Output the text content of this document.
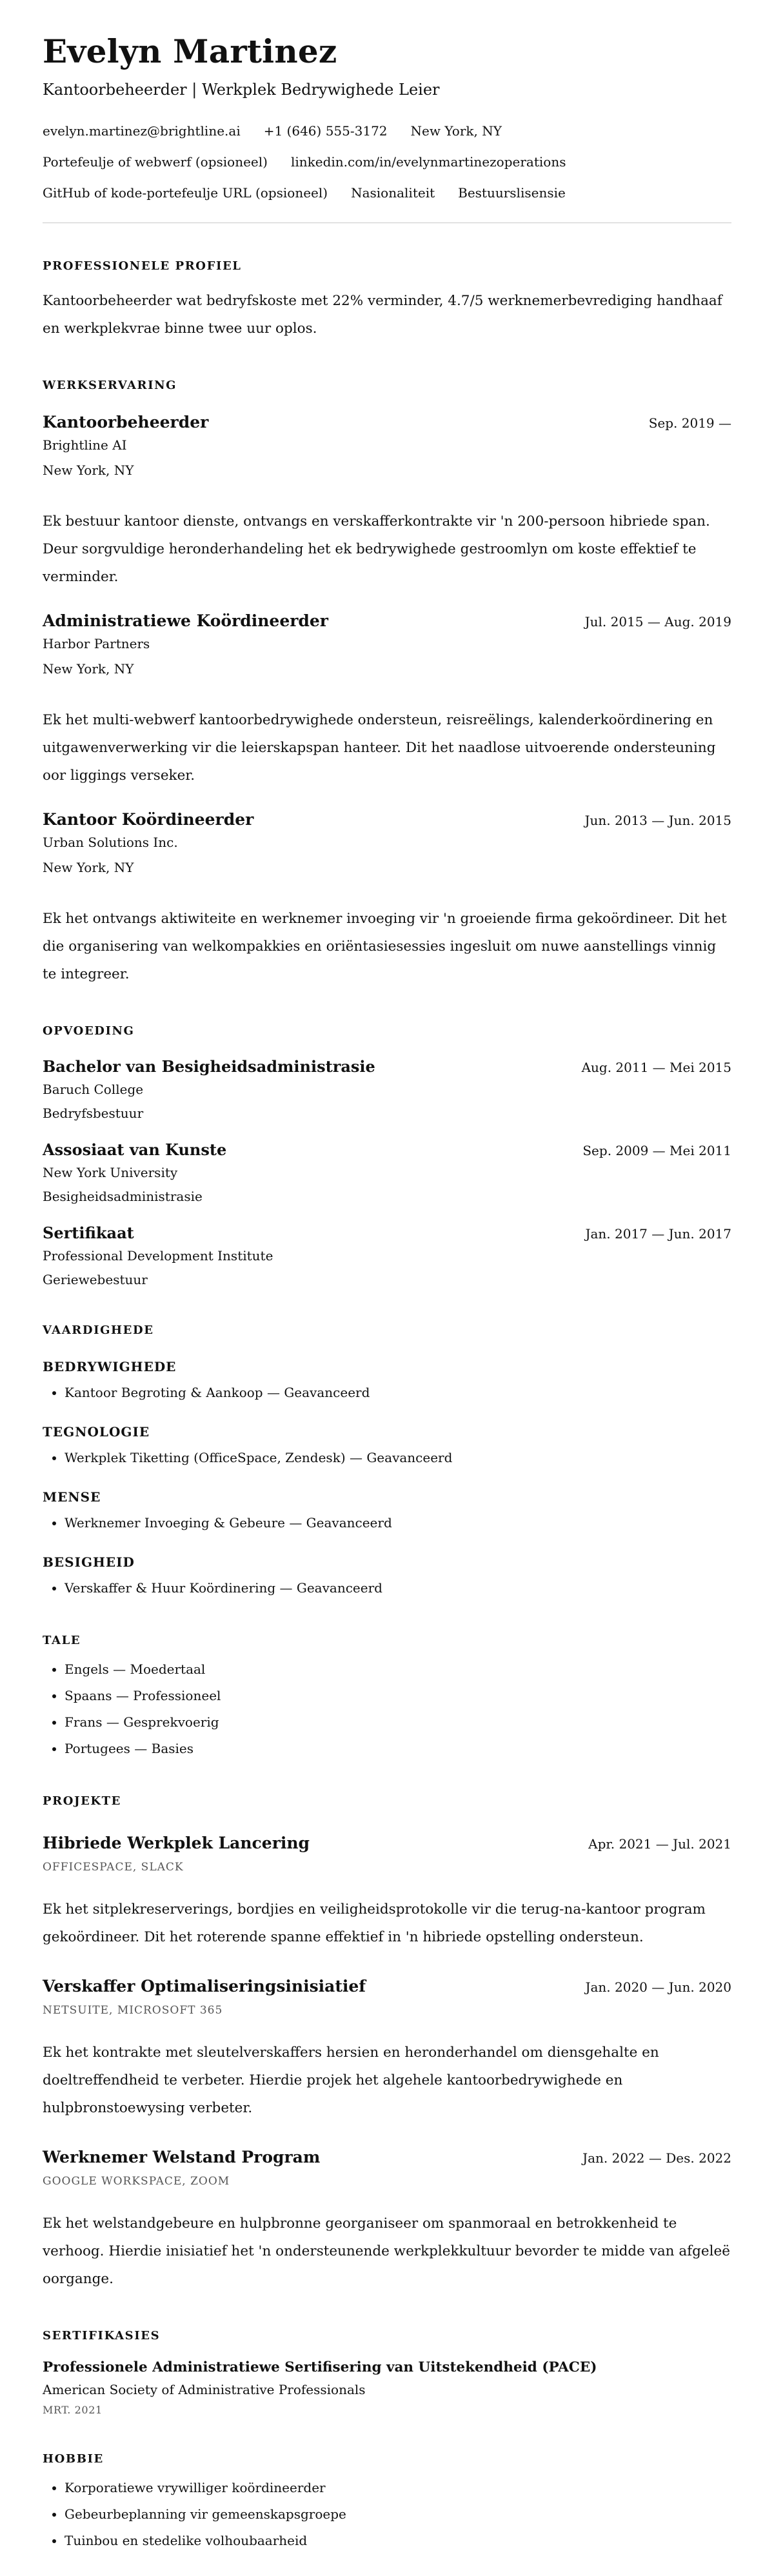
Evelyn Martinez
Kantoorbeheerder | Werkplek Bedrywighede Leier
evelyn.martinez@brightline.ai +1 (646) 555-3172 New York, NY
Portefeulje of webwerf (opsioneel) linkedin.com/in/evelynmartinezoperations
GitHub of kode-portefeulje URL (opsioneel) Nasionaliteit Bestuurslisensie
PROFESSIONELE PROFIEL

Kantoorbeheerder wat bedryfskoste met 22% verminder, 4.7/5 werknemerbevrediging handhaaf en werkplekvrae binne twee uur oplos.

WERKSERVARING
Kantoorbeheerder	Sep. 2019 —
Brightline AI
New York, NY

Ek bestuur kantoor dienste, ontvangs en verskafferkontrakte vir 'n 200-persoon hibriede span. Deur sorgvuldige heronderhandeling het ek bedrywighede gestroomlyn om koste effektief te verminder.

Administratiewe Koördineerder	Jul. 2015 — Aug. 2019
Harbor Partners
New York, NY

Ek het multi-webwerf kantoorbedrywighede ondersteun, reisreëlings, kalenderkoördinering en uitgawenverwerking vir die leierskapspan hanteer. Dit het naadlose uitvoerende ondersteuning oor liggings verseker.

Kantoor Koördineerder	Jun. 2013 — Jun. 2015
Urban Solutions Inc.
New York, NY

Ek het ontvangs aktiwiteite en werknemer invoeging vir 'n groeiende firma gekoördineer. Dit het die organisering van welkompakkies en oriëntasiesessies ingesluit om nuwe aanstellings vinnig te integreer.

OPVOEDING
Bachelor van Besigheidsadministrasie	Aug. 2011 — Mei 2015
Baruch College
Bedryfsbestuur
Assosiaat van Kunste	Sep. 2009 — Mei 2011
New York University
Besigheidsadministrasie
Sertifikaat	Jan. 2017 — Jun. 2017
Professional Development Institute
Geriewebestuur
VAARDIGHEDE
BEDRYWIGHEDE
• Kantoor Begroting & Aankoop — Geavanceerd
TEGNOLOGIE
• Werkplek Tiketting (OfficeSpace, Zendesk) — Geavanceerd
MENSE
• Werknemer Invoeging & Gebeure — Geavanceerd
BESIGHEID
• Verskaffer & Huur Koördinering — Geavanceerd
TALE
• Engels — Moedertaal
• Spaans — Professioneel
• Frans — Gesprekvoerig
• Portugees — Basies
PROJEKTE
Hibriede Werkplek Lancering	Apr. 2021 — Jul. 2021
OFFICESPACE, SLACK

Ek het sitplekreserverings, bordjies en veiligheidsprotokolle vir die terug-na-kantoor program gekoördineer. Dit het roterende spanne effektief in 'n hibriede opstelling ondersteun.

Verskaffer Optimaliseringsinisiatief	Jan. 2020 — Jun. 2020
NETSUITE, MICROSOFT 365

Ek het kontrakte met sleutelverskaffers hersien en heronderhandel om diensgehalte en doeltreffendheid te verbeter. Hierdie projek het algehele kantoorbedrywighede en hulpbronstoewysing verbeter.

Werknemer Welstand Program	Jan. 2022 — Des. 2022
GOOGLE WORKSPACE, ZOOM

Ek het welstandgebeure en hulpbronne georganiseer om spanmoraal en betrokkenheid te verhoog. Hierdie inisiatief het 'n ondersteunende werkplekkultuur bevorder te midde van afgeleë oorgange.

SERTIFIKASIES
Professionele Administratiewe Sertifisering van Uitstekendheid (PACE)
American Society of Administrative Professionals
MRT. 2021
HOBBIE
• Korporatiewe vrywilliger koördineerder
• Gebeurbeplanning vir gemeenskapsgroepe
• Tuinbou en stedelike volhoubaarheid
